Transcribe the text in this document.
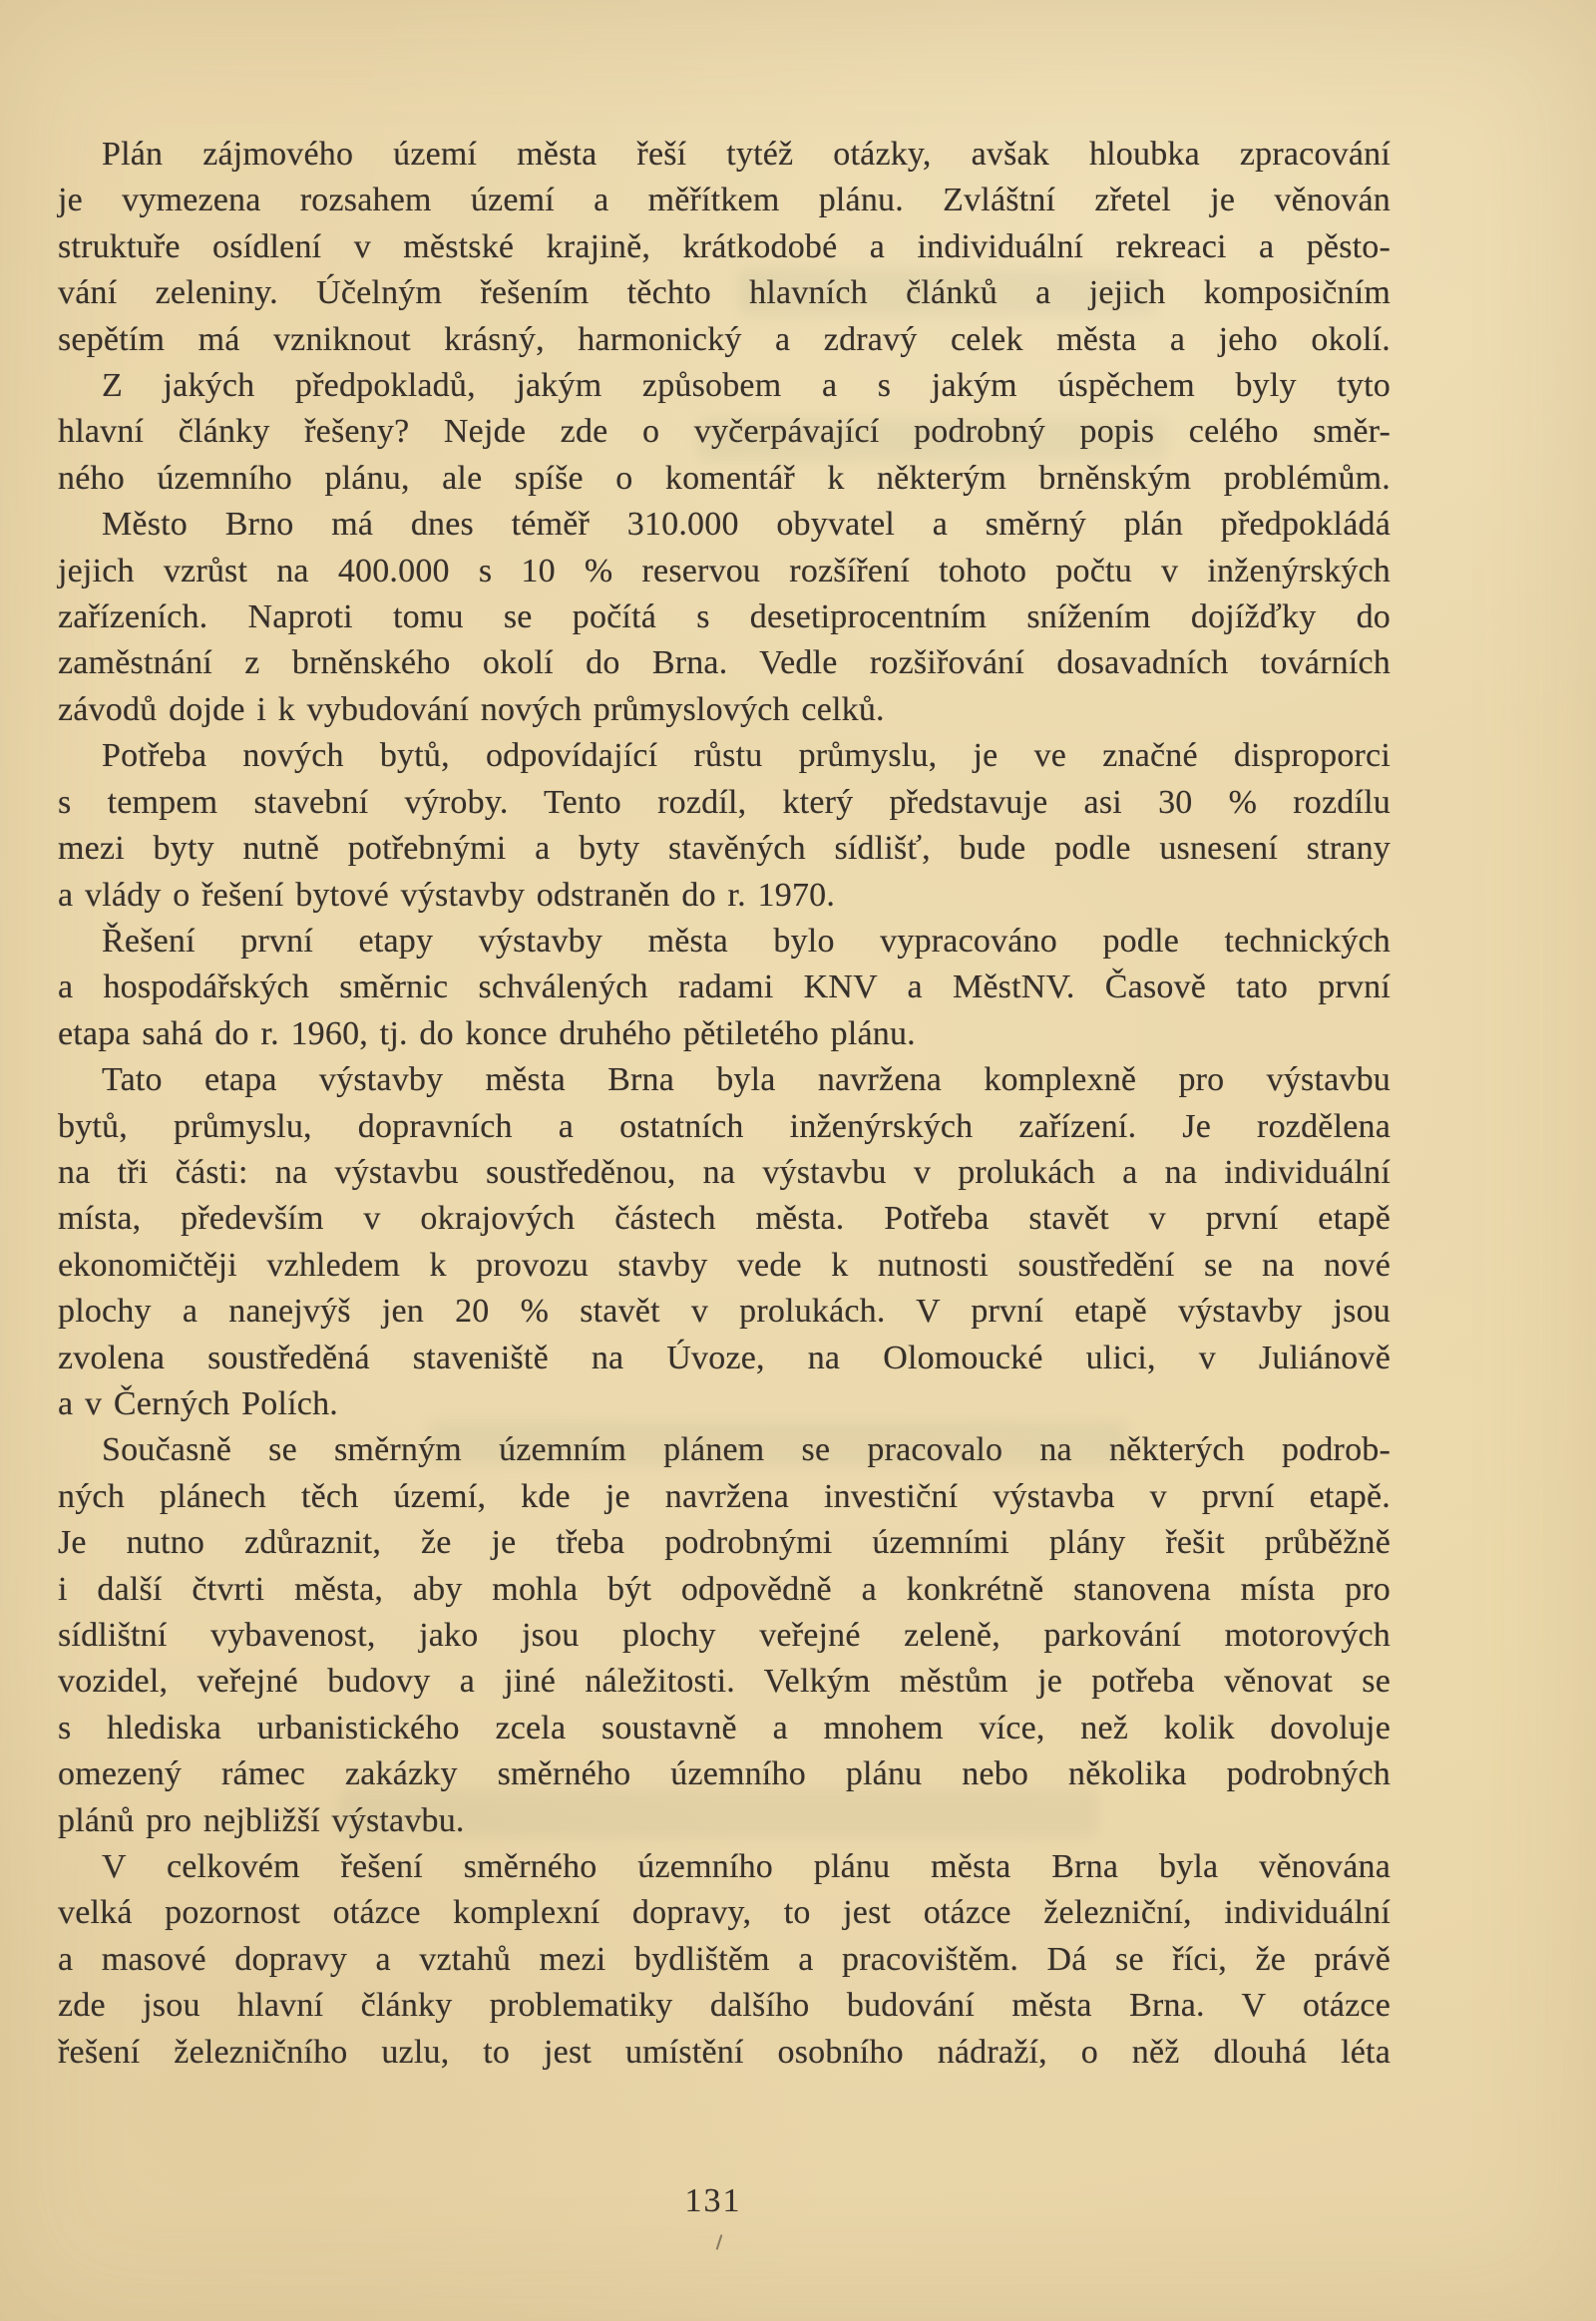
Plán zájmového území města řeší tytéž otázky, avšak hloubka zpracování
je vymezena rozsahem území a měřítkem plánu. Zvláštní zřetel je věnován
struktuře osídlení v městské krajině, krátkodobé a individuální rekreaci a pěsto-
vání zeleniny. Účelným řešením těchto hlavních článků a jejich komposičním
sepětím má vzniknout krásný, harmonický a zdravý celek města a jeho okolí.
Z jakých předpokladů, jakým způsobem a s jakým úspěchem byly tyto
hlavní články řešeny? Nejde zde o vyčerpávající podrobný popis celého směr-
ného územního plánu, ale spíše o komentář k některým brněnským problémům.
Město Brno má dnes téměř 310.000 obyvatel a směrný plán předpokládá
jejich vzrůst na 400.000 s 10 % reservou rozšíření tohoto počtu v inženýrských
zařízeních. Naproti tomu se počítá s desetiprocentním snížením dojížďky do
zaměstnání z brněnského okolí do Brna. Vedle rozšiřování dosavadních továrních
závodů dojde i k vybudování nových průmyslových celků.
Potřeba nových bytů, odpovídající růstu průmyslu, je ve značné disproporci
s tempem stavební výroby. Tento rozdíl, který představuje asi 30 % rozdílu
mezi byty nutně potřebnými a byty stavěných sídlišť, bude podle usnesení strany
a vlády o řešení bytové výstavby odstraněn do r. 1970.
Řešení první etapy výstavby města bylo vypracováno podle technických
a hospodářských směrnic schválených radami KNV a MěstNV. Časově tato první
etapa sahá do r. 1960, tj. do konce druhého pětiletého plánu.
Tato etapa výstavby města Brna byla navržena komplexně pro výstavbu
bytů, průmyslu, dopravních a ostatních inženýrských zařízení. Je rozdělena
na tři části: na výstavbu soustředěnou, na výstavbu v prolukách a na individuální
místa, především v okrajových částech města. Potřeba stavět v první etapě
ekonomičtěji vzhledem k provozu stavby vede k nutnosti soustředění se na nové
plochy a nanejvýš jen 20 % stavět v prolukách. V první etapě výstavby jsou
zvolena soustředěná staveniště na Úvoze, na Olomoucké ulici, v Juliánově
a v Černých Polích.
Současně se směrným územním plánem se pracovalo na některých podrob-
ných plánech těch území, kde je navržena investiční výstavba v první etapě.
Je nutno zdůraznit, že je třeba podrobnými územními plány řešit průběžně
i další čtvrti města, aby mohla být odpovědně a konkrétně stanovena místa pro
sídlištní vybavenost, jako jsou plochy veřejné zeleně, parkování motorových
vozidel, veřejné budovy a jiné náležitosti. Velkým městům je potřeba věnovat se
s hlediska urbanistického zcela soustavně a mnohem více, než kolik dovoluje
omezený rámec zakázky směrného územního plánu nebo několika podrobných
plánů pro nejbližší výstavbu.
V celkovém řešení směrného územního plánu města Brna byla věnována
velká pozornost otázce komplexní dopravy, to jest otázce železniční, individuální
a masové dopravy a vztahů mezi bydlištěm a pracovištěm. Dá se říci, že právě
zde jsou hlavní články problematiky dalšího budování města Brna. V otázce
řešení železničního uzlu, to jest umístění osobního nádraží, o něž dlouhá léta
131
